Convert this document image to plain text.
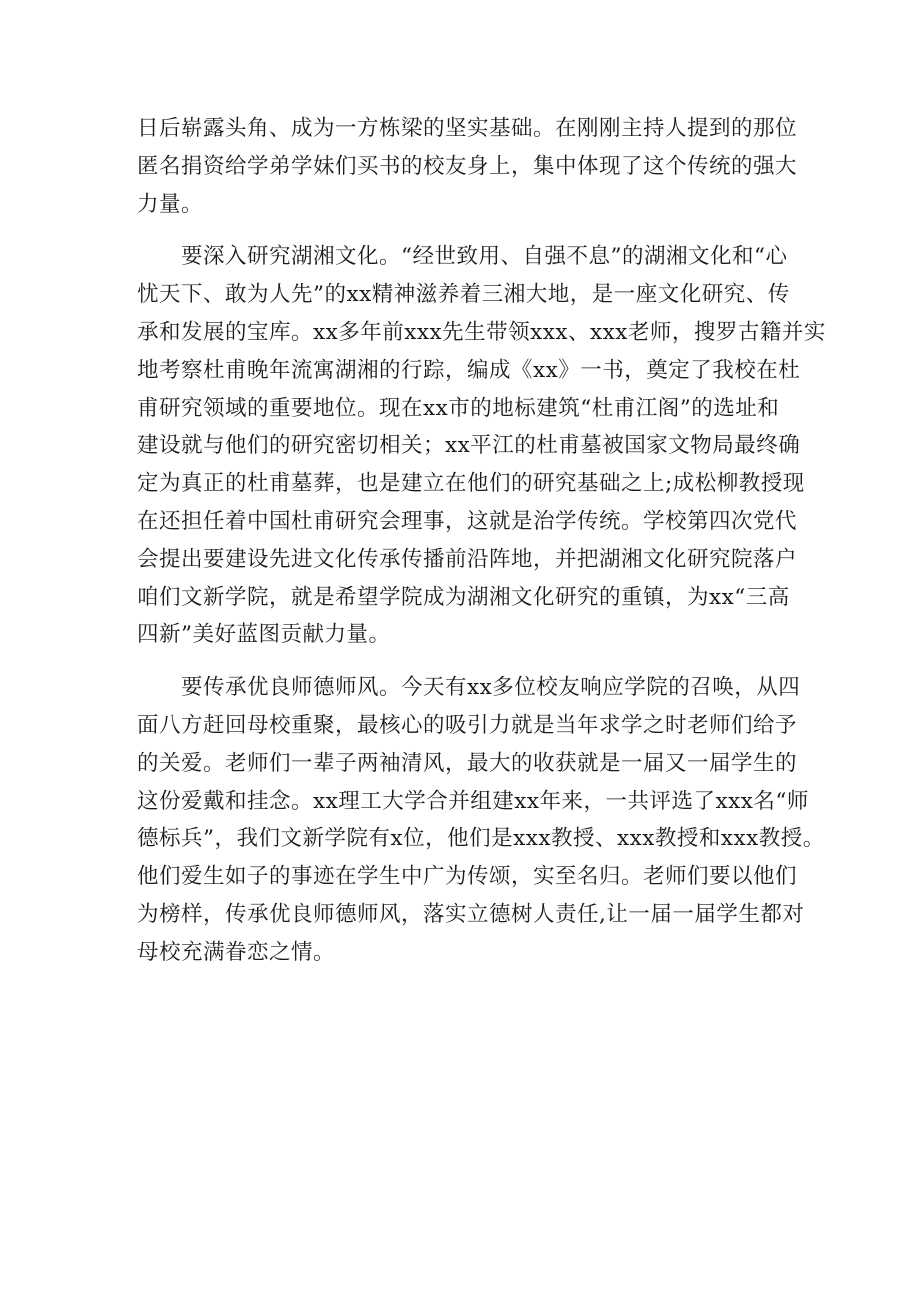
日后崭露头角、成为一方栋梁的坚实基础。在刚刚主持人提到的那位
匿名捐资给学弟学妹们买书的校友身上，集中体现了这个传统的强大
力量。
　　要深入研究湖湘文化。“经世致用、自强不息”的湖湘文化和“心
忧天下、敢为人先”的xx精神滋养着三湘大地，是一座文化研究、传
承和发展的宝库。xx多年前xxx先生带领xxx、xxx老师，搜罗古籍并实
地考察杜甫晚年流寓湖湘的行踪，编成《xx》一书，奠定了我校在杜
甫研究领域的重要地位。现在xx市的地标建筑“杜甫江阁”的选址和
建设就与他们的研究密切相关；xx平江的杜甫墓被国家文物局最终确
定为真正的杜甫墓葬，也是建立在他们的研究基础之上;成松柳教授现
在还担任着中国杜甫研究会理事，这就是治学传统。学校第四次党代
会提出要建设先进文化传承传播前沿阵地，并把湖湘文化研究院落户
咱们文新学院，就是希望学院成为湖湘文化研究的重镇，为xx“三高
四新”美好蓝图贡献力量。
　　要传承优良师德师风。今天有xx多位校友响应学院的召唤，从四
面八方赶回母校重聚，最核心的吸引力就是当年求学之时老师们给予
的关爱。老师们一辈子两袖清风，最大的收获就是一届又一届学生的
这份爱戴和挂念。xx理工大学合并组建xx年来，一共评选了xxx名“师
德标兵”，我们文新学院有x位，他们是xxx教授、xxx教授和xxx教授。
他们爱生如子的事迹在学生中广为传颂，实至名归。老师们要以他们
为榜样，传承优良师德师风，落实立德树人责任,让一届一届学生都对
母校充满眷恋之情。
